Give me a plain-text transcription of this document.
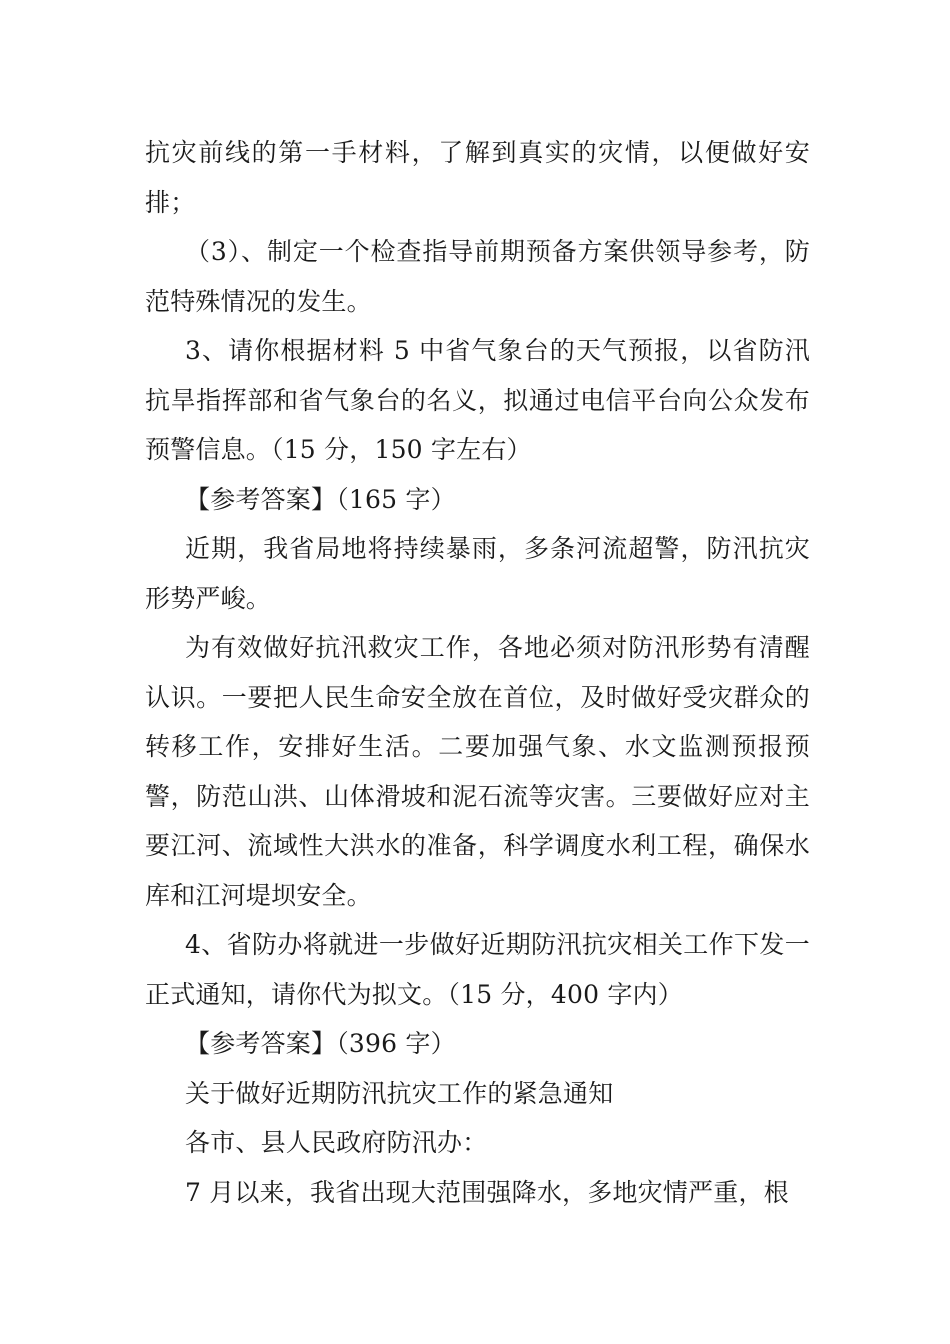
抗灾前线的第一手材料，了解到真实的灾情，以便做好安排；

（3）、制定一个检查指导前期预备方案供领导参考，防范特殊情况的发生。

3、请你根据材料 5 中省气象台的天气预报，以省防汛抗旱指挥部和省气象台的名义，拟通过电信平台向公众发布预警信息。（15 分，150 字左右）

【参考答案】（165 字）

近期，我省局地将持续暴雨，多条河流超警，防汛抗灾形势严峻。

为有效做好抗汛救灾工作，各地必须对防汛形势有清醒认识。一要把人民生命安全放在首位，及时做好受灾群众的转移工作，安排好生活。二要加强气象、水文监测预报预警，防范山洪、山体滑坡和泥石流等灾害。三要做好应对主要江河、流域性大洪水的准备，科学调度水利工程，确保水库和江河堤坝安全。

4、省防办将就进一步做好近期防汛抗灾相关工作下发一正式通知，请你代为拟文。（15 分，400 字内）

【参考答案】（396 字）

关于做好近期防汛抗灾工作的紧急通知

各市、县人民政府防汛办：

7 月以来，我省出现大范围强降水，多地灾情严重，根
